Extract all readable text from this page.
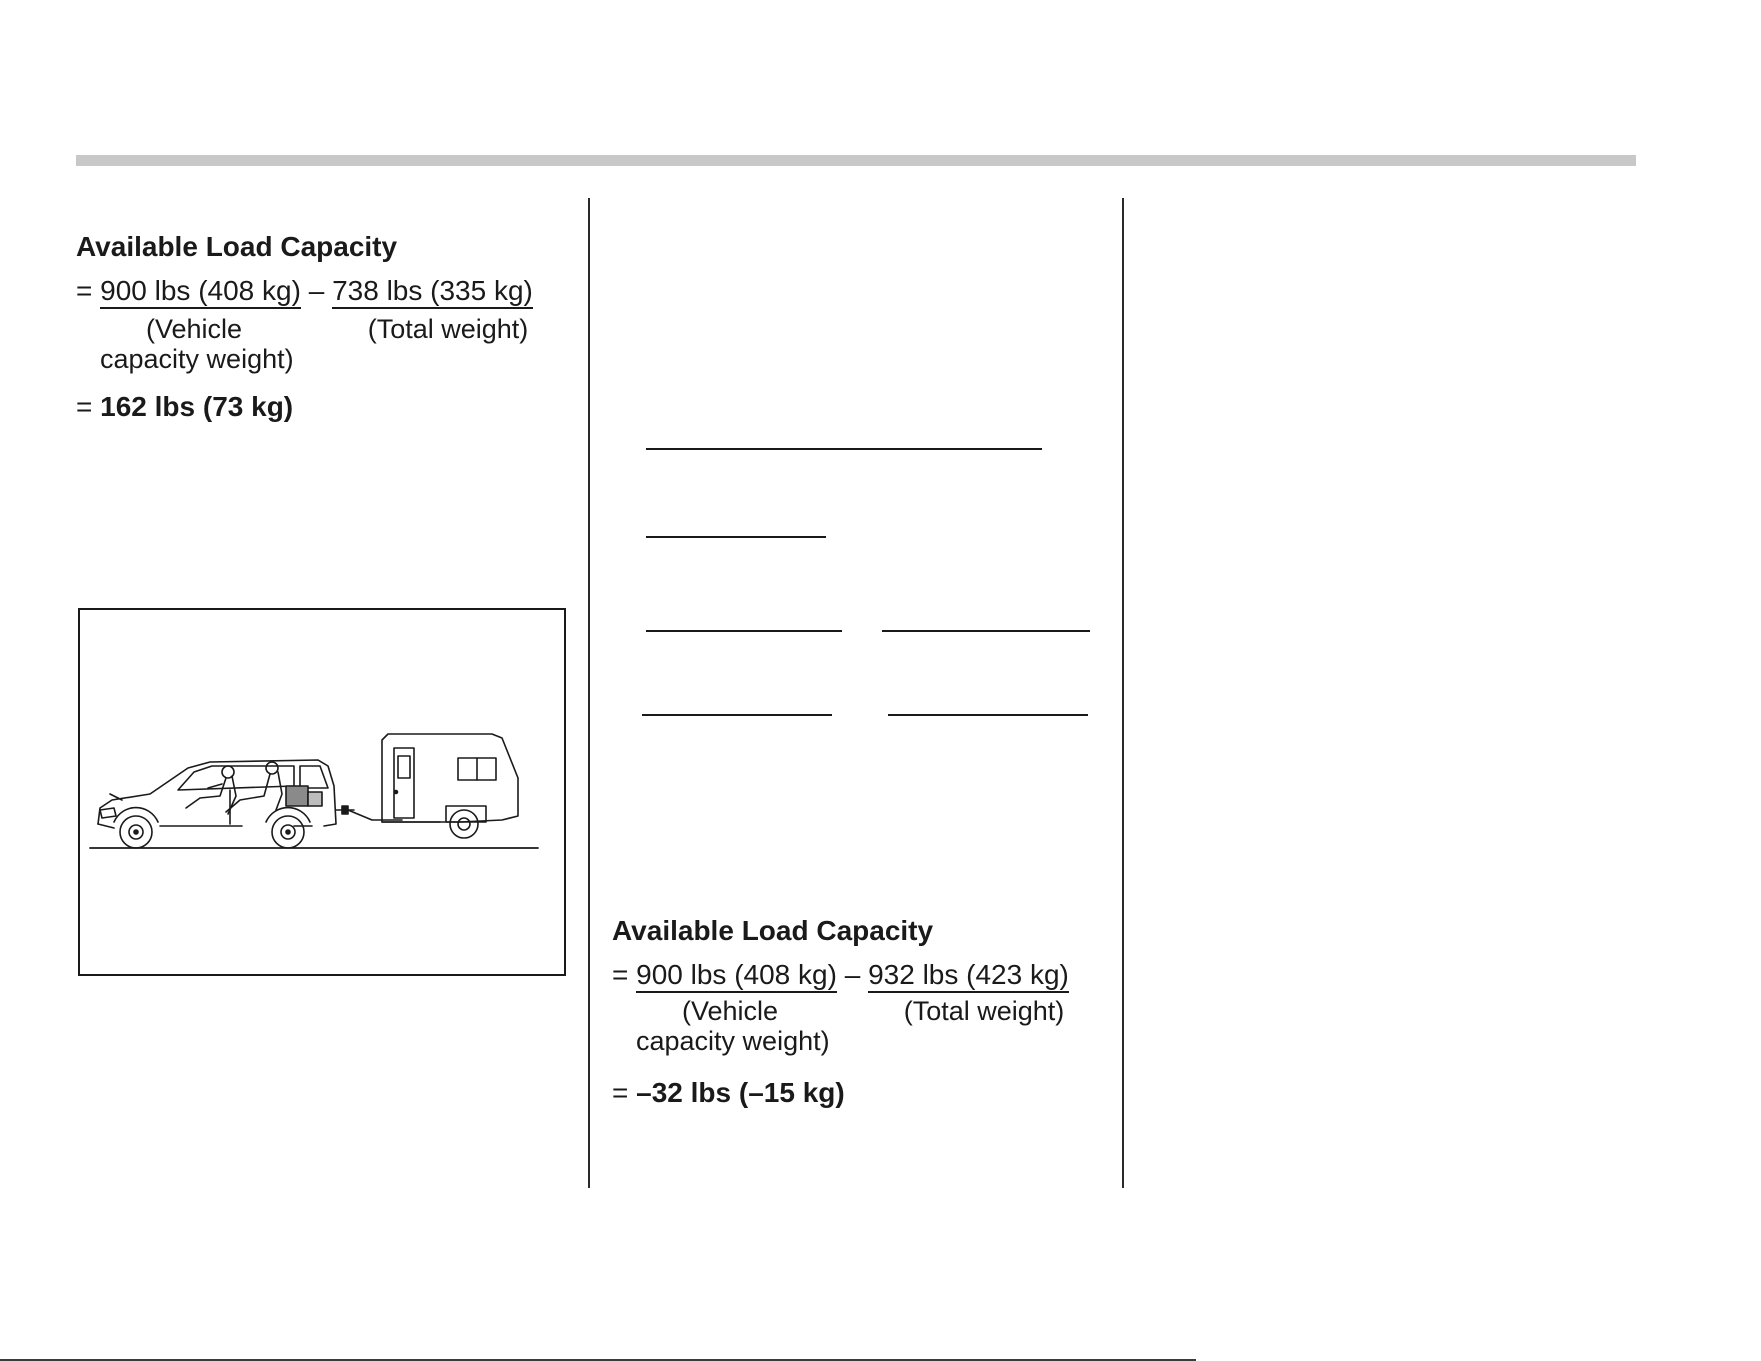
Available Load Capacity
= 900 lbs (408 kg) – 738 lbs (335 kg)
(Vehicle
capacity weight)
(Total weight)
= 162 lbs (73 kg)
Available Load Capacity
= 900 lbs (408 kg) – 932 lbs (423 kg)
(Vehicle
capacity weight)
(Total weight)
= –32 lbs (–15 kg)
